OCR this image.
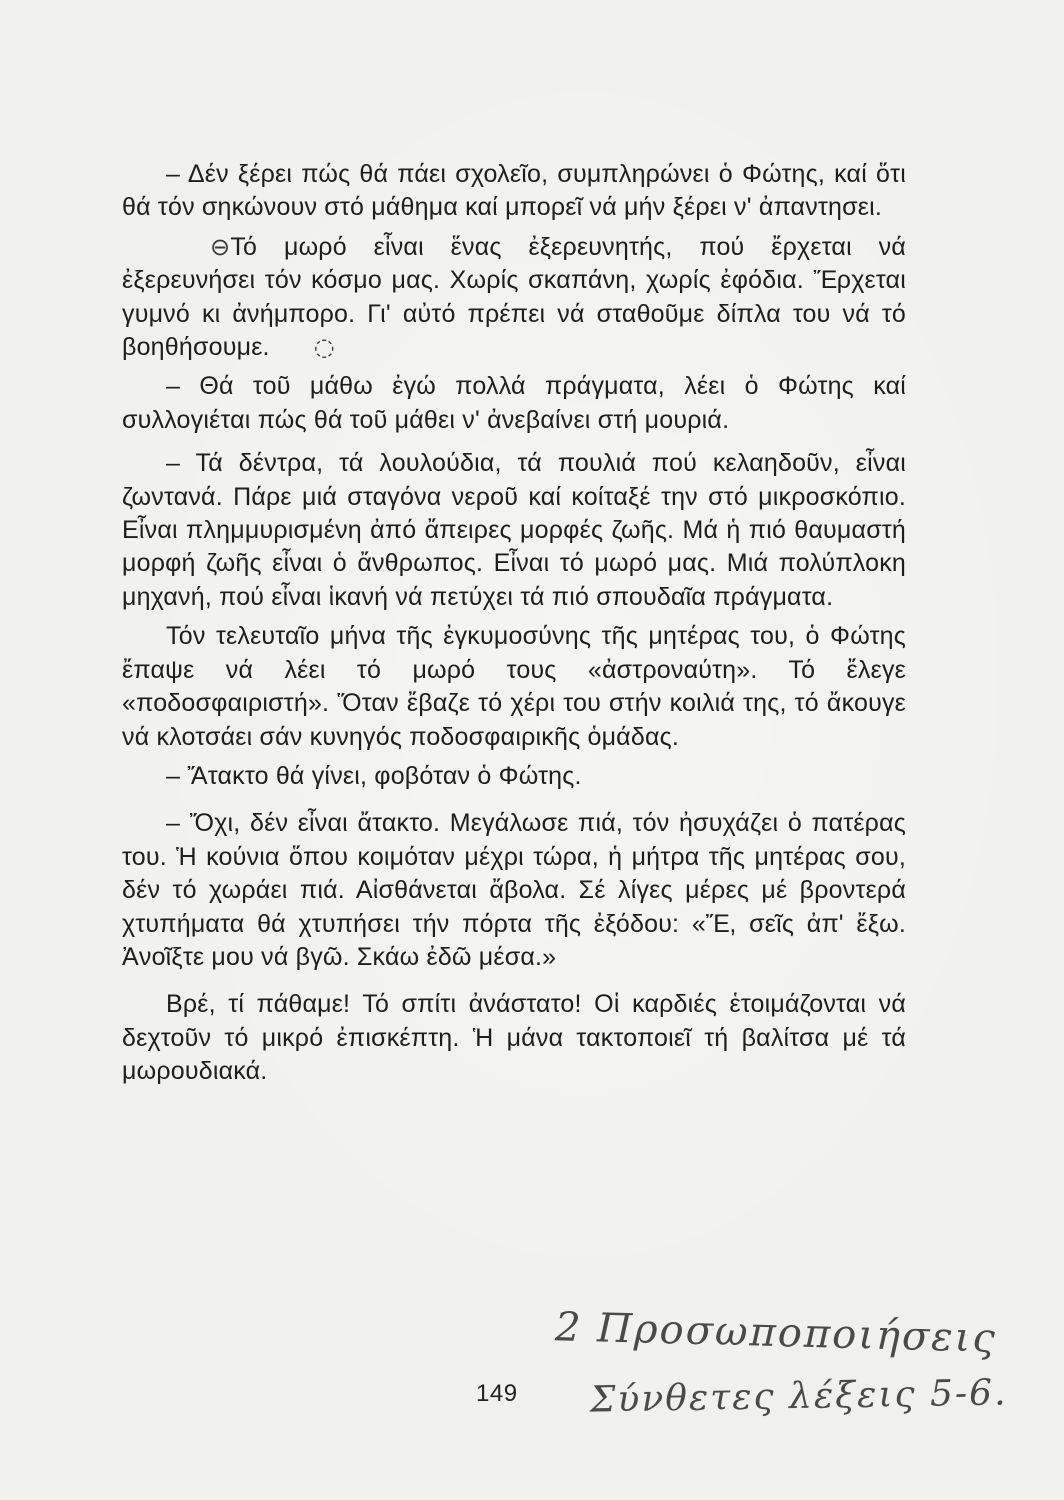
– Δέν ξέρει πώς θά πάει σχολεῖο, συμπληρώνει ὁ Φώτης, καί ὅτι θά τόν σηκώνουν στό μάθημα καί μπορεῖ νά μήν ξέρει ν' ἀπαντησει.

⊖Τό μωρό εἶναι ἕνας ἐξερευνητής, πού ἔρχεται νά ἐξερευνήσει τόν κόσμο μας. Χωρίς σκαπάνη, χωρίς ἐφόδια. Ἔρχεται γυμνό κι ἀνήμπορο. Γι' αὐτό πρέπει νά σταθοῦμε δίπλα του νά τό βοηθήσουμε. ◌

– Θά τοῦ μάθω ἐγώ πολλά πράγματα, λέει ὁ Φώτης καί συλλογιέται πώς θά τοῦ μάθει ν' ἀνεβαίνει στή μουριά.

– Τά δέντρα, τά λουλούδια, τά πουλιά πού κελαηδοῦν, εἶναι ζωντανά. Πάρε μιά σταγόνα νεροῦ καί κοίταξέ την στό μικροσκόπιο. Εἶναι πλημμυρισμένη ἀπό ἄπειρες μορφές ζωῆς. Μά ἡ πιό θαυμαστή μορφή ζωῆς εἶναι ὁ ἄνθρωπος. Εἶναι τό μωρό μας. Μιά πολύπλοκη μηχανή, πού εἶναι ἱκανή νά πετύχει τά πιό σπουδαῖα πράγματα.

Τόν τελευταῖο μήνα τῆς ἐγκυμοσύνης τῆς μητέρας του, ὁ Φώτης ἔπαψε νά λέει τό μωρό τους «ἀστροναύτη». Τό ἔλεγε «ποδοσφαιριστή». Ὅταν ἔβαζε τό χέρι του στήν κοιλιά της, τό ἄκουγε νά κλοτσάει σάν κυνηγός ποδοσφαιρικῆς ὁμάδας.

– Ἄτακτο θά γίνει, φοβόταν ὁ Φώτης.

– Ὄχι, δέν εἶναι ἄτακτο. Μεγάλωσε πιά, τόν ἠσυχάζει ὁ πατέρας του. Ἡ κούνια ὅπου κοιμόταν μέχρι τώρα, ἡ μήτρα τῆς μητέρας σου, δέν τό χωράει πιά. Αἰσθάνεται ἄβολα. Σέ λίγες μέρες μέ βροντερά χτυπήματα θά χτυπήσει τήν πόρτα τῆς ἐξόδου: «Ἔ, σεῖς ἀπ' ἔξω. Ἀνοῖξτε μου νά βγῶ. Σκάω ἐδῶ μέσα.»

Βρέ, τί πάθαμε! Τό σπίτι ἀνάστατο! Οἱ καρδιές ἑτοιμάζονται νά δεχτοῦν τό μικρό ἐπισκέπτη. Ἡ μάνα τακτοποιεῖ τή βαλίτσα μέ τά μωρουδιακά.

2 Προσωποποιήσεις
149 Σύνθετες λέξεις 5-6.
